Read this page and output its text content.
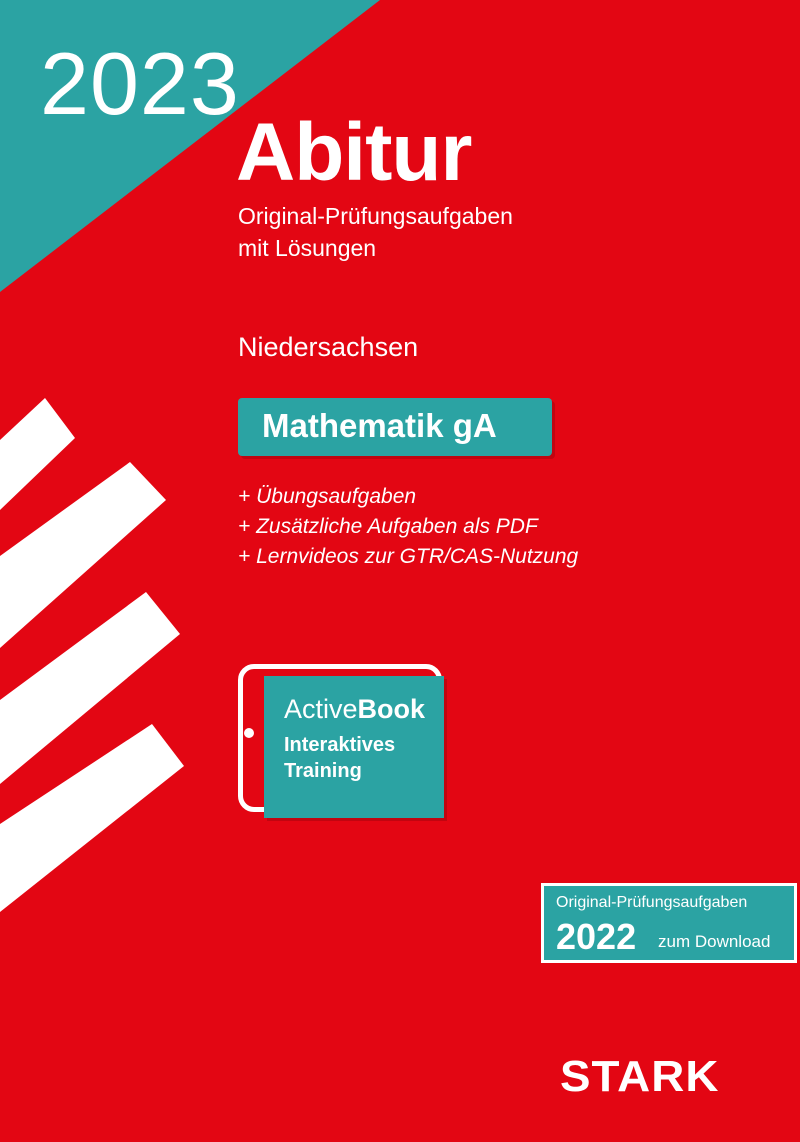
2023
Abitur
Original-Prüfungsaufgaben
mit Lösungen
Niedersachsen
Mathematik gA
+ Übungsaufgaben
+ Zusätzliche Aufgaben als PDF
+ Lernvideos zur GTR/CAS-Nutzung
ActiveBook
Interaktives
Training
Original-Prüfungsaufgaben
2022 zum Download
STARK
